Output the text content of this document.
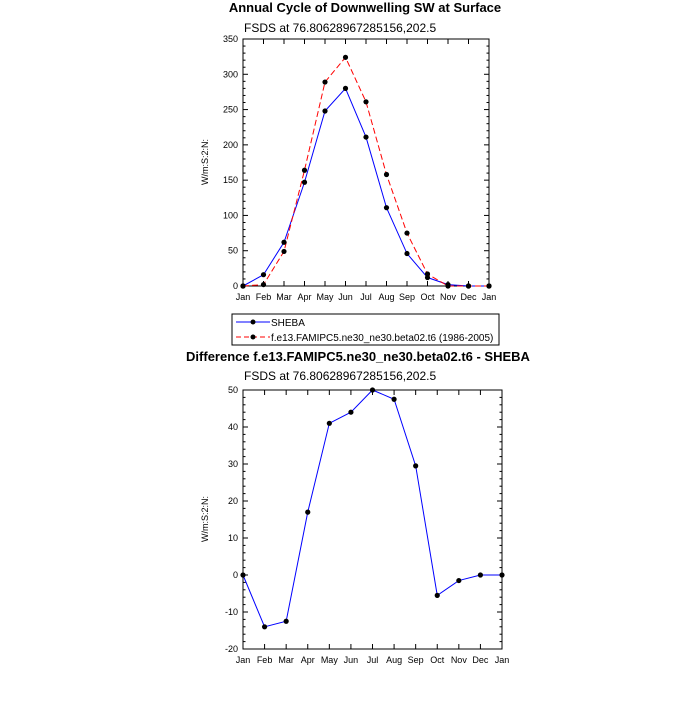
Annual Cycle of Downwelling SW at Surface
FSDS at 76.80628967285156,202.5
W/m:S:2:N:
0
50
100
150
200
250
300
350
Jan Feb Mar Apr May Jun Jul Aug Sep Oct Nov Dec Jan
SHEBA
f.e13.FAMIPC5.ne30_ne30.beta02.t6 (1986-2005)
Difference f.e13.FAMIPC5.ne30_ne30.beta02.t6 - SHEBA
FSDS at 76.80628967285156,202.5
W/m:S:2:N:
-20
-10
0
10
20
30
40
50
Jan Feb Mar Apr May Jun Jul Aug Sep Oct Nov Dec Jan
